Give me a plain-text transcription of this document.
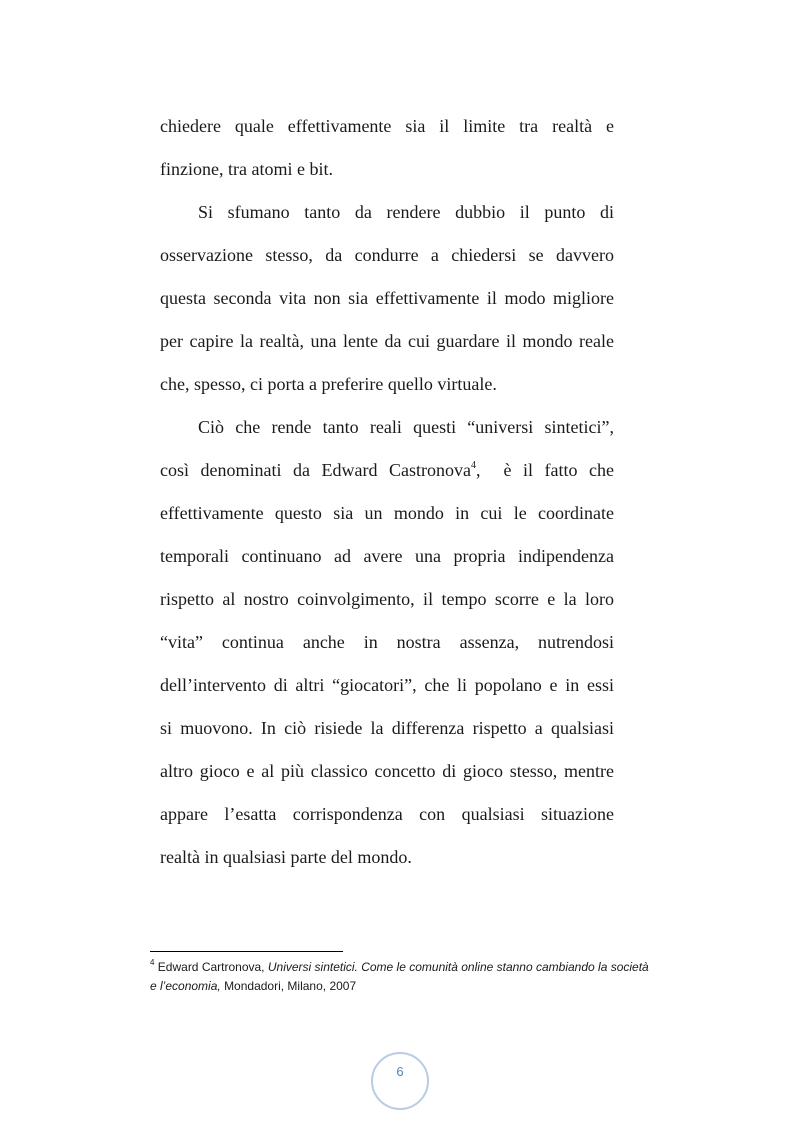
chiedere quale effettivamente sia il limite tra realtà e
finzione, tra atomi e bit.
Si sfumano tanto da rendere dubbio il punto di
osservazione stesso, da condurre a chiedersi se davvero
questa seconda vita non sia effettivamente il modo migliore
per capire la realtà, una lente da cui guardare il mondo reale
che, spesso, ci porta a preferire quello virtuale.
Ciò che rende tanto reali questi “universi sintetici”,
così denominati da Edward Castronova$^4$,  è il fatto che
effettivamente questo sia un mondo in cui le coordinate
temporali continuano ad avere una propria indipendenza
rispetto al nostro coinvolgimento, il tempo scorre e la loro
“vita” continua anche in nostra assenza, nutrendosi
dell’intervento di altri “giocatori”, che li popolano e in essi
si muovono. In ciò risiede la differenza rispetto a qualsiasi
altro gioco e al più classico concetto di gioco stesso, mentre
appare l’esatta corrispondenza con qualsiasi situazione
realtà in qualsiasi parte del mondo.
$^4$ Edward Cartronova, Universi sintetici. Come le comunità online stanno cambiando la società
e l’economia, Mondadori, Milano, 2007
6
